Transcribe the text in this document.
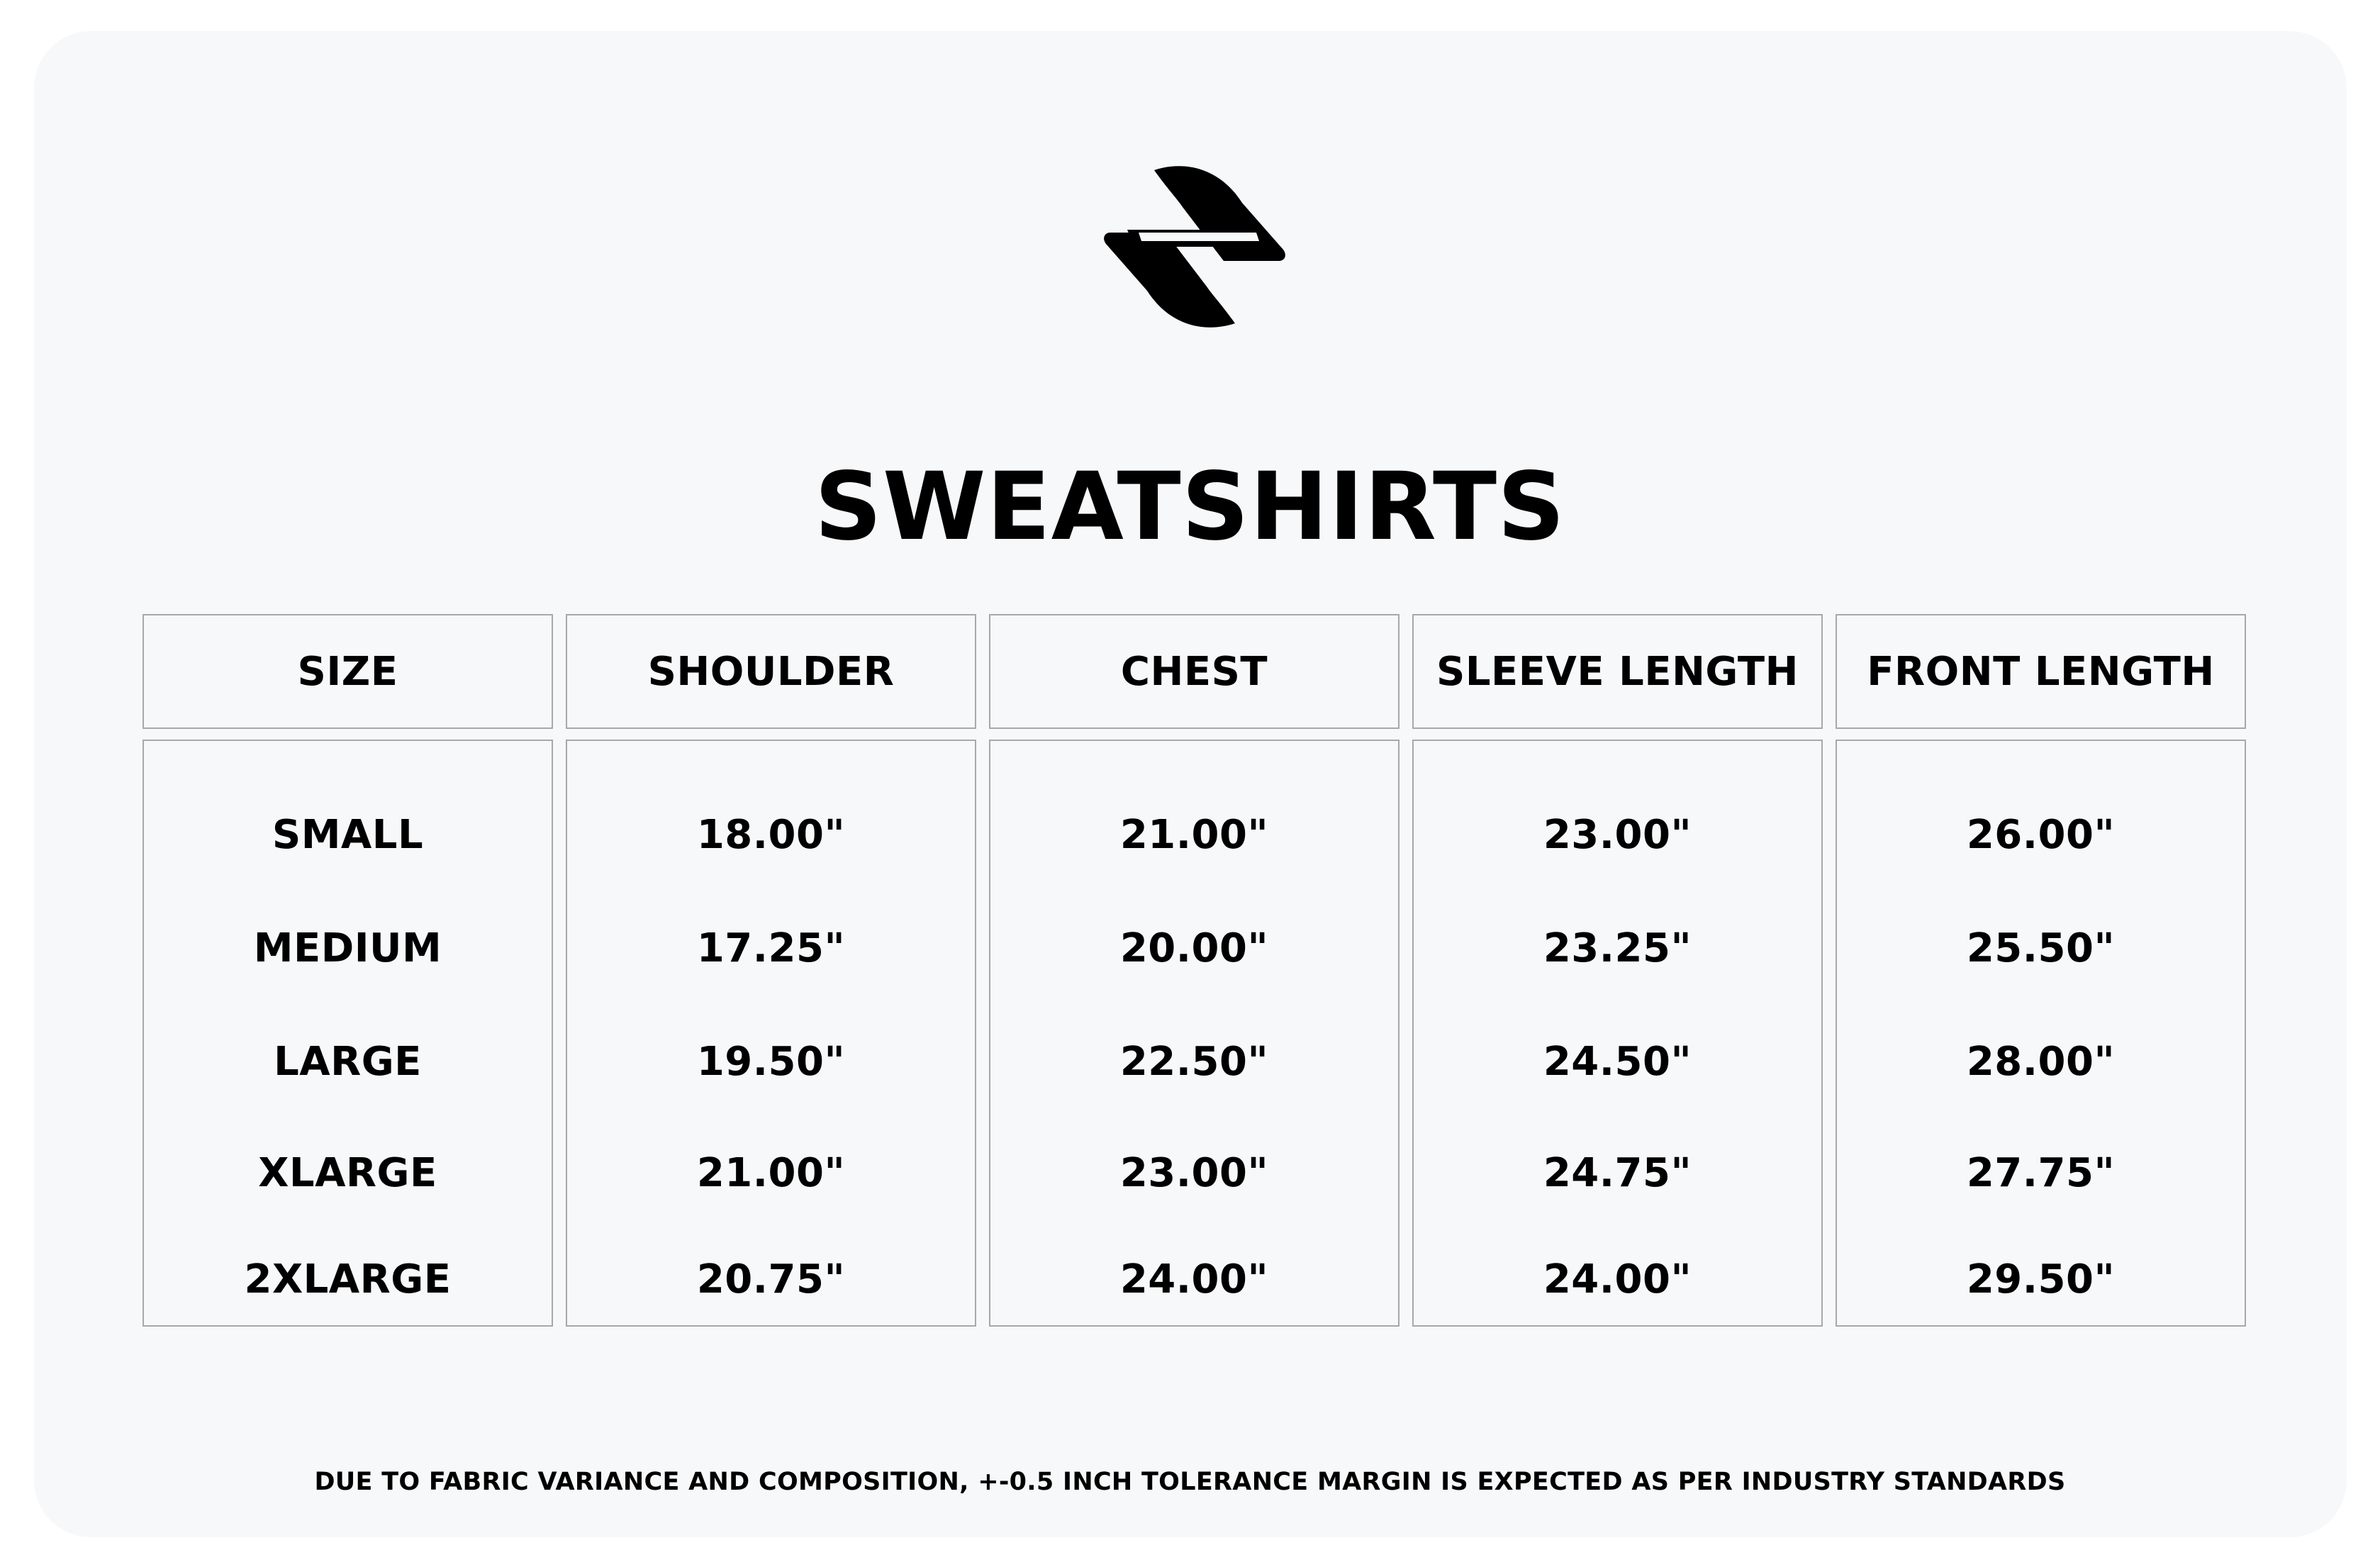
SWEATSHIRTS
SIZE
SMALL
MEDIUM
LARGE
XLARGE
2XLARGE
SHOULDER
18.00"
17.25"
19.50"
21.00"
20.75"
CHEST
21.00"
20.00"
22.50"
23.00"
24.00"
SLEEVE LENGTH
23.00"
23.25"
24.50"
24.75"
24.00"
FRONT LENGTH
26.00"
25.50"
28.00"
27.75"
29.50"
DUE TO FABRIC VARIANCE AND COMPOSITION, +-0.5 INCH TOLERANCE MARGIN IS EXPECTED AS PER INDUSTRY STANDARDS
